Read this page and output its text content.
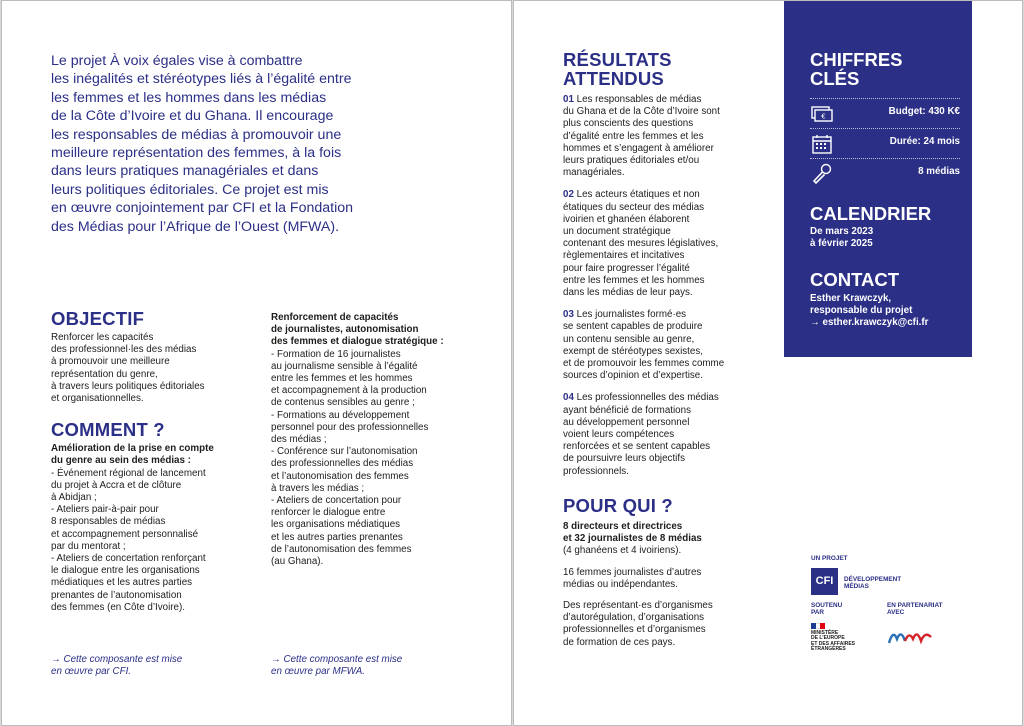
Le projet À voix égales vise à combattre

les inégalités et stéréotypes liés à l’égalité entre

les femmes et les hommes dans les médias

de la Côte d’Ivoire et du Ghana. Il encourage

les responsables de médias à promouvoir une

meilleure représentation des femmes, à la fois

dans leurs pratiques managériales et dans

leurs politiques éditoriales. Ce projet est mis

en œuvre conjointement par CFI et la Fondation

des Médias pour l’Afrique de l’Ouest (MFWA).

OBJECTIF

Renforcer les capacités

des professionnel·les des médias

à promouvoir une meilleure

représentation du genre,

à travers leurs politiques éditoriales

et organisationnelles.

COMMENT ?

Amélioration de la prise en compte

du genre au sein des médias :

- Événement régional de lancement

du projet à Accra et de clôture

à Abidjan ;

- Ateliers pair-à-pair pour

8 responsables de médias

et accompagnement personnalisé

par du mentorat ;

- Ateliers de concertation renforçant

le dialogue entre les organisations

médiatiques et les autres parties

prenantes de l’autonomisation

des femmes (en Côte d’Ivoire).

→ Cette composante est mise
en œuvre par CFI.

Renforcement de capacités

de journalistes, autonomisation

des femmes et dialogue stratégique :

- Formation de 16 journalistes

au journalisme sensible à l’égalité

entre les femmes et les hommes

et accompagnement à la production

de contenus sensibles au genre ;

- Formations au développement

personnel pour des professionnelles

des médias ;

- Conférence sur l’autonomisation

des professionnelles des médias

et l’autonomisation des femmes

à travers les médias ;

- Ateliers de concertation pour

renforcer le dialogue entre

les organisations médiatiques

et les autres parties prenantes

de l’autonomisation des femmes

(au Ghana).

→ Cette composante est mise
en œuvre par MFWA.
RÉSULTATS
ATTENDUS

01 Les responsables de médias

du Ghana et de la Côte d’Ivoire sont

plus conscients des questions

d’égalité entre les femmes et les

hommes et s’engagent à améliorer

leurs pratiques éditoriales et/ou

managériales.

02 Les acteurs étatiques et non

étatiques du secteur des médias

ivoirien et ghanéen élaborent

un document stratégique

contenant des mesures législatives,

règlementaires et incitatives

pour faire progresser l’égalité

entre les femmes et les hommes

dans les médias de leur pays.

03 Les journalistes formé·es

se sentent capables de produire

un contenu sensible au genre,

exempt de stéréotypes sexistes,

et de promouvoir les femmes comme

sources d’opinion et d’expertise.

04 Les professionnelles des médias

ayant bénéficié de formations

au développement personnel

voient leurs compétences

renforcées et se sentent capables

de poursuivre leurs objectifs

professionnels.

POUR QUI ?

8 directeurs et directrices

et 32 journalistes de 8 médias

(4 ghanéens et 4 ivoiriens).

16 femmes journalistes d’autres

médias ou indépendantes.

Des représentant·es d’organismes

d’autorégulation, d’organisations

professionnelles et d’organismes

de formation de ces pays.

CHIFFRES
CLÉS
€	Budget: 430 K€
Durée: 24 mois
8 médias
CALENDRIER
De mars 2023
à février 2025
CONTACT
Esther Krawczyk,
responsable du projet
→ esther.krawczyk@cfi.fr

UN PROJET

CFI	DÉVELOPPEMENT

MÉDIAS

SOUTENU

PAR

MINISTÈRE
DE L'EUROPE
ET DES AFFAIRES
ÉTRANGÈRES

EN PARTENARIAT

AVEC
